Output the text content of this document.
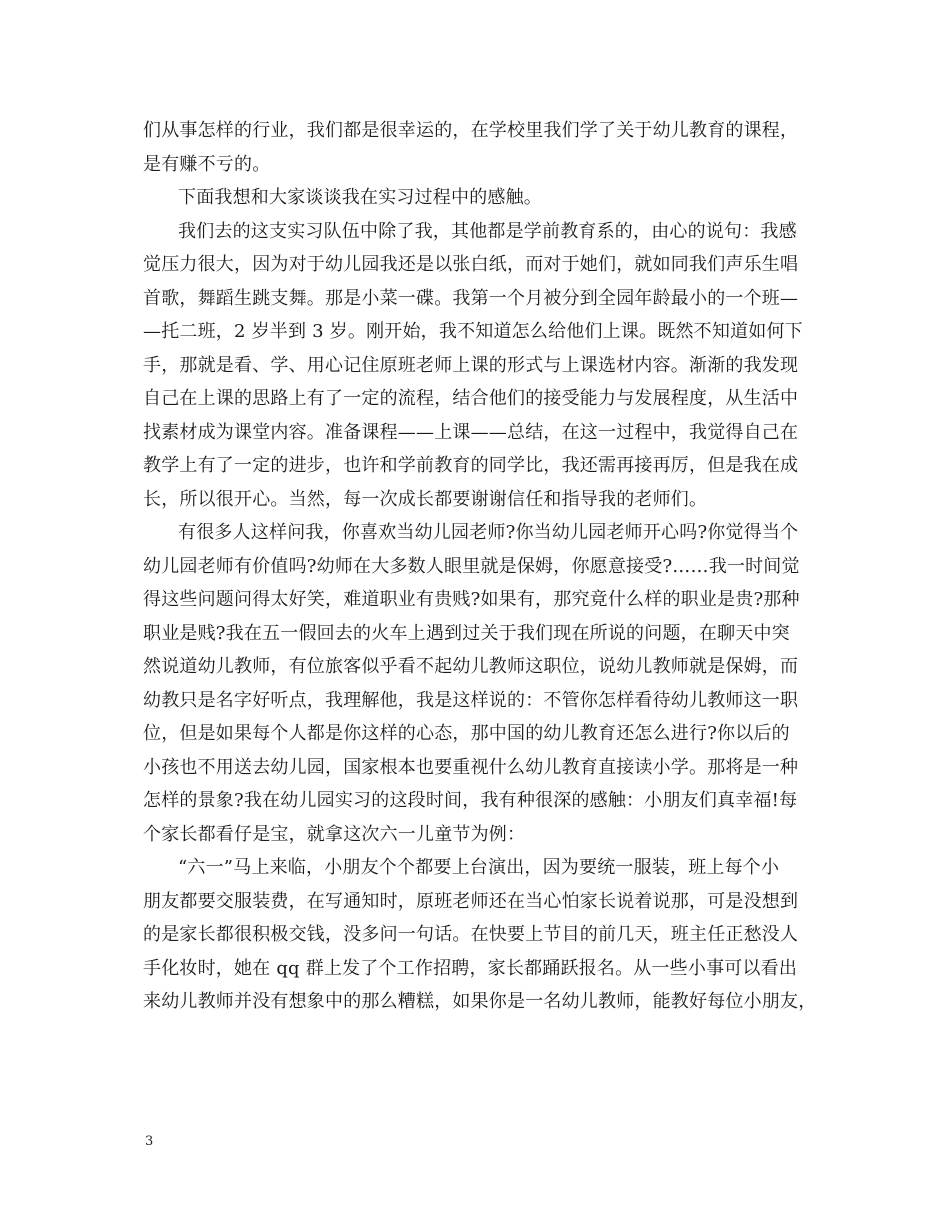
们从事怎样的行业，我们都是很幸运的，在学校里我们学了关于幼儿教育的课程，
是有赚不亏的。
下面我想和大家谈谈我在实习过程中的感触。
我们去的这支实习队伍中除了我，其他都是学前教育系的，由心的说句：我感
觉压力很大，因为对于幼儿园我还是以张白纸，而对于她们，就如同我们声乐生唱
首歌，舞蹈生跳支舞。那是小菜一碟。我第一个月被分到全园年龄最小的一个班—
—托二班，2 岁半到 3 岁。刚开始，我不知道怎么给他们上课。既然不知道如何下
手，那就是看、学、用心记住原班老师上课的形式与上课选材内容。渐渐的我发现
自己在上课的思路上有了一定的流程，结合他们的接受能力与发展程度，从生活中
找素材成为课堂内容。准备课程——上课——总结，在这一过程中，我觉得自己在
教学上有了一定的进步，也许和学前教育的同学比，我还需再接再厉，但是我在成
长，所以很开心。当然，每一次成长都要谢谢信任和指导我的老师们。
有很多人这样问我，你喜欢当幼儿园老师?你当幼儿园老师开心吗?你觉得当个
幼儿园老师有价值吗?幼师在大多数人眼里就是保姆，你愿意接受?……我一时间觉
得这些问题问得太好笑，难道职业有贵贱?如果有，那究竟什么样的职业是贵?那种
职业是贱?我在五一假回去的火车上遇到过关于我们现在所说的问题，在聊天中突
然说道幼儿教师，有位旅客似乎看不起幼儿教师这职位，说幼儿教师就是保姆，而
幼教只是名字好听点，我理解他，我是这样说的：不管你怎样看待幼儿教师这一职
位，但是如果每个人都是你这样的心态，那中国的幼儿教育还怎么进行?你以后的
小孩也不用送去幼儿园，国家根本也要重视什么幼儿教育直接读小学。那将是一种
怎样的景象?我在幼儿园实习的这段时间，我有种很深的感触：小朋友们真幸福!每
个家长都看仔是宝，就拿这次六一儿童节为例：
“六一”马上来临，小朋友个个都要上台演出，因为要统一服装，班上每个小
朋友都要交服装费，在写通知时，原班老师还在当心怕家长说着说那，可是没想到
的是家长都很积极交钱，没多问一句话。在快要上节目的前几天，班主任正愁没人
手化妆时，她在 qq 群上发了个工作招聘，家长都踊跃报名。从一些小事可以看出
来幼儿教师并没有想象中的那么糟糕，如果你是一名幼儿教师，能教好每位小朋友，
3
